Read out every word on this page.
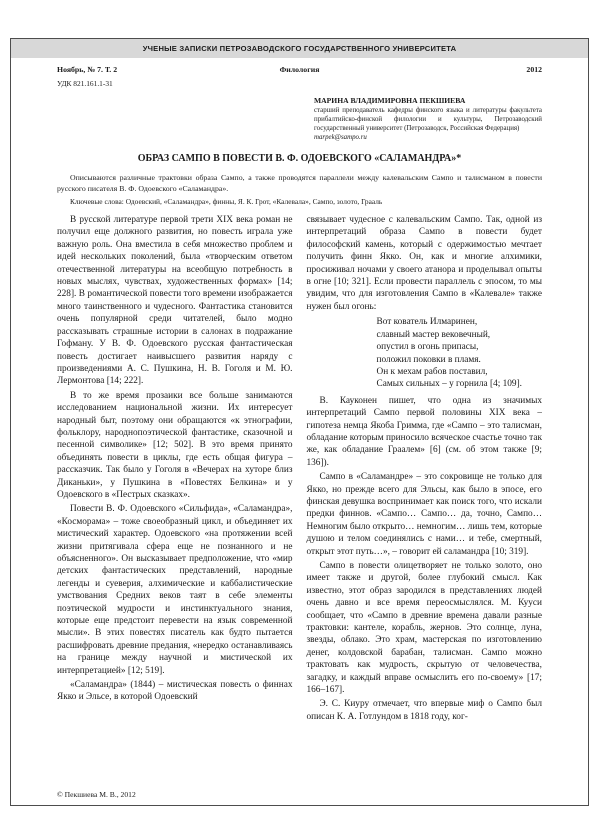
УЧЕНЫЕ ЗАПИСКИ ПЕТРОЗАВОДСКОГО ГОСУДАРСТВЕННОГО УНИВЕРСИТЕТА
Ноябрь, № 7. Т. 2	Филология	2012
УДК 821.161.1-31
МАРИНА ВЛАДИМИРОВНА ПЕКШИЕВА
старший преподаватель кафедры финского языка и литературы факультета прибалтийско-финской филологии и культуры, Петрозаводский государственный университет (Петрозаводск, Российская Федерация)
marpek@sampo.ru
ОБРАЗ САМПО В ПОВЕСТИ В. Ф. ОДОЕВСКОГО «САЛАМАНДРА»*

Описываются различные трактовки образа Сампо, а также проводятся параллели между калевальским Сампо и талисманом в повести русского писателя В. Ф. Одоевского «Саламандра».

Ключевые слова: Одоевский, «Саламандра», финны, Я. К. Грот, «Калевала», Сампо, золото, Грааль

В русской литературе первой трети XIX века роман не получил еще должного развития, но повесть играла уже важную роль. Она вместила в себя множество проблем и идей нескольких поколений, была «творческим ответом отечественной литературы на всеобщую потребность в новых мыслях, чувствах, художественных формах» [14; 228]. В романтической повести того времени изображается много таинственного и чудесного. Фантастика становится очень популярной среди читателей, было модно рассказывать страшные истории в салонах в подражание Гофману. У В. Ф. Одоевского русская фантастическая повесть достигает наивысшего развития наряду с произведениями А. С. Пушкина, Н. В. Гоголя и М. Ю. Лермонтова [14; 222].

В то же время прозаики все больше занимаются исследованием национальной жизни. Их интересует народный быт, поэтому они обращаются «к этнографии, фольклору, народнопоэтической фантастике, сказочной и песенной символике» [12; 502]. В это время принято объединять повести в циклы, где есть общая фигура – рассказчик. Так было у Гоголя в «Вечерах на хуторе близ Диканьки», у Пушкина в «Повестях Белкина» и у Одоевского в «Пестрых сказках».

Повести В. Ф. Одоевского «Сильфида», «Саламандра», «Косморама» – тоже своеобразный цикл, и объединяет их мистический характер. Одоевского «на протяжении всей жизни притягивала сфера еще не познанного и не объясненного». Он высказывает предположение, что «мир детских фантастических представлений, народные легенды и суеверия, алхимические и каббалистические умствования Средних веков таят в себе элементы поэтической мудрости и инстинктуального знания, которые еще предстоит перевести на язык современной мысли». В этих повестях писатель как будто пытается расшифровать древние предания, «нередко останавливаясь на границе между научной и мистической их интерпретацией» [12; 519].

«Саламандра» (1844) – мистическая повесть о финнах Якко и Эльсе, в которой Одоевский

связывает чудесное с калевальским Сампо. Так, одной из интерпретаций образа Сампо в повести будет философский камень, который с одержимостью мечтает получить финн Якко. Он, как и многие алхимики, просиживал ночами у своего атанора и проделывал опыты в огне [10; 321]. Если провести параллель с эпосом, то мы увидим, что для изготовления Сампо в «Калевале» также нужен был огонь:

Вот кователь Илмаринен,
славный мастер вековечный,
опустил в огонь припасы,
положил поковки в пламя.
Он к мехам рабов поставил,
Самых сильных – у горнила [4; 109].

В. Кауконен пишет, что одна из значимых интерпретаций Сампо первой половины XIX века – гипотеза немца Якоба Гримма, где «Сампо – это талисман, обладание которым приносило всяческое счастье точно так же, как обладание Граалем» [6] (см. об этом также [9; 136]).

Сампо в «Саламандре» – это сокровище не только для Якко, но прежде всего для Эльсы, как было в эпосе, его финская девушка воспринимает как поиск того, что искали предки финнов. «Сампо… Сампо… да, точно, Сампо… Немногим было открыто… немногим… лишь тем, которые душою и телом соединялись с нами… и тебе, смертный, открыт этот путь…», – говорит ей саламандра [10; 319].

Сампо в повести олицетворяет не только золото, оно имеет также и другой, более глубокий смысл. Как известно, этот образ зародился в представлениях людей очень давно и все время переосмыслялся. М. Кууси сообщает, что «Сампо в древние времена давали разные трактовки: кантеле, корабль, жернов. Это солнце, луна, звезды, облако. Это храм, мастерская по изготовлению денег, колдовской барабан, талисман. Сампо можно трактовать как мудрость, скрытую от человечества, загадку, и каждый вправе осмыслить его по-своему» [17; 166–167].

Э. С. Киуру отмечает, что впервые миф о Сампо был описан К. А. Готлундом в 1818 году, ког-

© Пекшиева М. В., 2012
